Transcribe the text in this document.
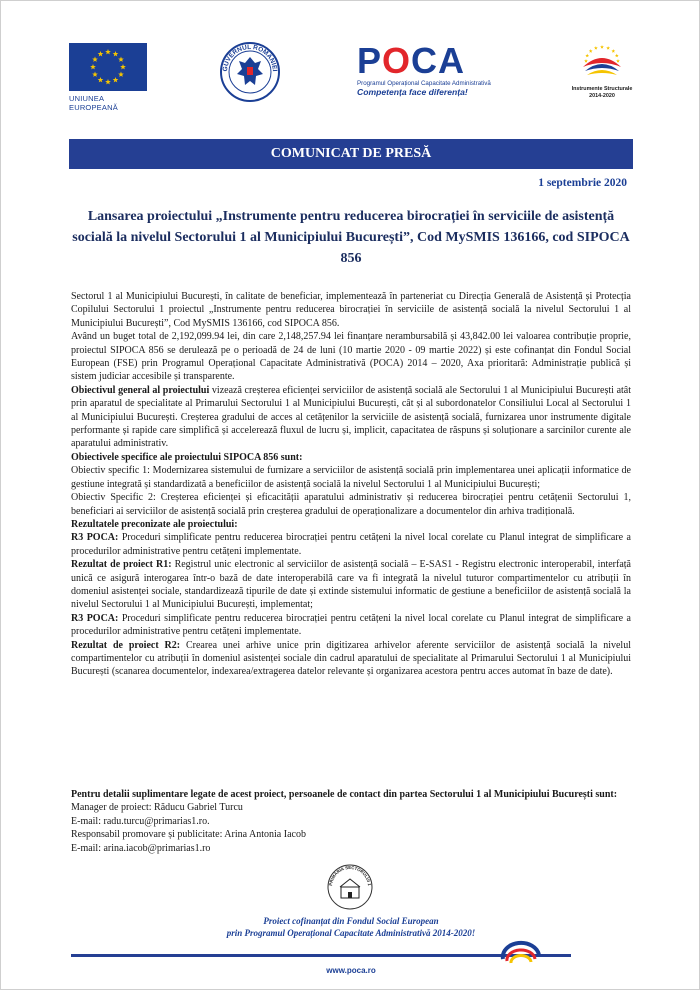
UNIUNEA EUROPEANĂ
GUVERNUL ROMÂNIEI POCA
Programul Operațional Capacitate Administrativă
Competența face diferența!	Instrumente Structurale
2014-2020
COMUNICAT DE PRESĂ
1 septembrie 2020
Lansarea proiectului „Instrumente pentru reducerea birocrației în serviciile de asistență socială la nivelul Sectorului 1 al Municipiului București”, Cod MySMIS 136166, cod SIPOCA 856

Sectorul 1 al Municipiului București, în calitate de beneficiar, implementează în parteneriat cu Direcția Generală de Asistență și Protecția Copilului Sectorului 1 proiectul „Instrumente pentru reducerea birocrației în serviciile de asistență socială la nivelul Sectorului 1 al Municipiului București”, Cod MySMIS 136166, cod SIPOCA 856.

Având un buget total de 2,192,099.94 lei, din care 2,148,257.94 lei finanțare nerambursabilă și 43,842.00 lei valoarea contribuție proprie, proiectul SIPOCA 856 se derulează pe o perioadă de 24 de luni (10 martie 2020 - 09 martie 2022) și este cofinanțat din Fondul Social European (FSE) prin Programul Operațional Capacitate Administrativă (POCA) 2014 – 2020, Axa prioritară: Administrație publică și sistem judiciar accesibile și transparente.

Obiectivul general al proiectului vizează creșterea eficienței serviciilor de asistență socială ale Sectorului 1 al Municipiului București atât prin aparatul de specialitate al Primarului Sectorului 1 al Municipiului București, cât și al subordonatelor Consiliului Local al Sectorului 1 al Municipiului București. Creșterea gradului de acces al cetățenilor la serviciile de asistență socială, furnizarea unor instrumente digitale performante și rapide care simplifică și accelerează fluxul de lucru și, implicit, capacitatea de răspuns și soluționare a sarcinilor curente ale aparatului administrativ.

Obiectivele specifice ale proiectului SIPOCA 856 sunt:

Obiectiv specific 1: Modernizarea sistemului de furnizare a serviciilor de asistență socială prin implementarea unei aplicații informatice de gestiune integrată și standardizată a beneficiilor de asistență socială la nivelul Sectorului 1 al Municipiului București;

Obiectiv Specific 2: Creșterea eficienței și eficacității aparatului administrativ și reducerea birocrației pentru cetățenii Sectorului 1, beneficiari ai serviciilor de asistență socială prin creșterea gradului de operaționalizare a documentelor din arhiva tradițională.

Rezultatele preconizate ale proiectului:

R3 POCA: Proceduri simplificate pentru reducerea birocrației pentru cetățeni la nivel local corelate cu Planul integrat de simplificare a procedurilor administrative pentru cetățeni implementate.

Rezultat de proiect R1: Registrul unic electronic al serviciilor de asistență socială – E-SAS1 - Registru electronic interoperabil, interfață unică ce asigură interogarea într-o bază de date interoperabilă care va fi integrată la nivelul tuturor compartimentelor cu atribuții în domeniul asistenței sociale, standardizează tipurile de date și extinde sistemului informatic de gestiune a beneficiilor de asistență socială la nivelul Sectorului 1 al Municipiului București, implementat;

R3 POCA: Proceduri simplificate pentru reducerea birocrației pentru cetățeni la nivel local corelate cu Planul integrat de simplificare a procedurilor administrative pentru cetățeni implementate.

Rezultat de proiect R2: Crearea unei arhive unice prin digitizarea arhivelor aferente serviciilor de asistență socială la nivelul compartimentelor cu atribuții în domeniul asistenței sociale din cadrul aparatului de specialitate al Primarului Sectorului 1 al Municipiului București (scanarea documentelor, indexarea/extragerea datelor relevante și organizarea acestora pentru acces automat în baze de date).

Pentru detalii suplimentare legate de acest proiect, persoanele de contact din partea Sectorului 1 al Municipiului București sunt:

Manager de proiect: Răducu Gabriel Turcu

E-mail: radu.turcu@primarias1.ro.

Responsabil promovare și publicitate: Arina Antonia Iacob

E-mail: arina.iacob@primarias1.ro

PRIMĂRIA SECTORULUI 1
Proiect cofinanțat din Fondul Social European
prin Programul Operațional Capacitate Administrativă 2014-2020!
www.poca.ro
